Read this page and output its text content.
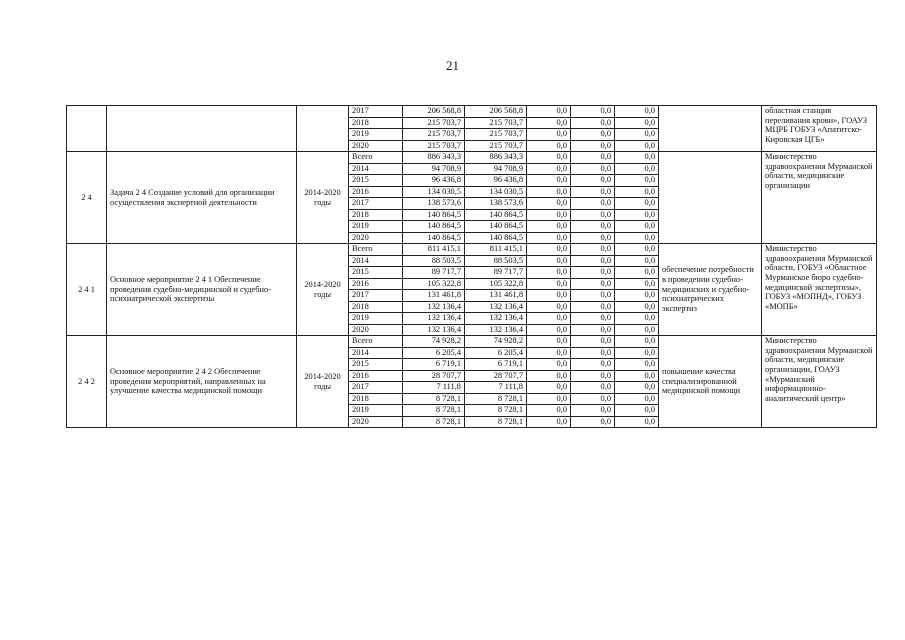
21
			2017	206 568,8	206 568,8	0,0	0,0	0,0		областная станция переливания крови», ГОАУЗ МЦРБ ГОБУЗ «Апатитско-Кировская ЦГБ»
			2018	215 703,7	215 703,7	0,0	0,0	0,0		
			2019	215 703,7	215 703,7	0,0	0,0	0,0		
			2020	215 703,7	215 703,7	0,0	0,0	0,0		
2 4	Задача 2 4 Создание условий для организации осуществления экспертной деятельности	2014-2020 годы	Всего	886 343,3	886 343,3	0,0	0,0	0,0		Министерство здравоохранения Мурманской области, медицинские организации
			2014	94 708,9	94 708,9	0,0	0,0	0,0		
			2015	96 436,8	96 436,8	0,0	0,0	0,0		
			2016	134 030,5	134 030,5	0,0	0,0	0,0		
			2017	138 573,6	138 573,6	0,0	0,0	0,0		
			2018	140 864,5	140 864,5	0,0	0,0	0,0		
			2019	140 864,5	140 864,5	0,0	0,0	0,0		
			2020	140 864,5	140 864,5	0,0	0,0	0,0		
2 4 1	Основное мероприятие 2 4 1 Обеспечение проведения судебно-медицинской и судебно-психиатрической экспертизы	2014-2020 годы	Всего	811 415,1	811 415,1	0,0	0,0	0,0	обеспечение потребности в проведении судебно-медицинских и судебно-психиатрических экспертиз	Министерство здравоохранения Мурманской области, ГОБУЗ «Областное Мурманское бюро судебно-медицинской экспертизы», ГОБУЗ «МОПНД», ГОБУЗ «МОПБ»
			2014	88 503,5	88 503,5	0,0	0,0	0,0		
			2015	89 717,7	89 717,7	0,0	0,0	0,0		
			2016	105 322,8	105 322,8	0,0	0,0	0,0		
			2017	131 461,8	131 461,8	0,0	0,0	0,0		
			2018	132 136,4	132 136,4	0,0	0,0	0,0		
			2019	132 136,4	132 136,4	0,0	0,0	0,0		
			2020	132 136,4	132 136,4	0,0	0,0	0,0		
2 4 2	Основное мероприятие 2 4 2 Обеспечение проведения мероприятий, направленных на улучшение качества медицинской помощи	2014-2020 годы	Всего	74 928,2	74 928,2	0,0	0,0	0,0	повышение качества специализированной медицинской помощи	Министерство здравоохранения Мурманской области, медицинские организации, ГОАУЗ «Мурманский информационно-аналитический центр»
			2014	6 205,4	6 205,4	0,0	0,0	0,0		
			2015	6 719,1	6 719,1	0,0	0,0	0,0		
			2016	28 707,7	28 707,7	0,0	0,0	0,0		
			2017	7 111,8	7 111,8	0,0	0,0	0,0		
			2018	8 728,1	8 728,1	0,0	0,0	0,0		
			2019	8 728,1	8 728,1	0,0	0,0	0,0		
			2020	8 728,1	8 728,1	0,0	0,0	0,0		
